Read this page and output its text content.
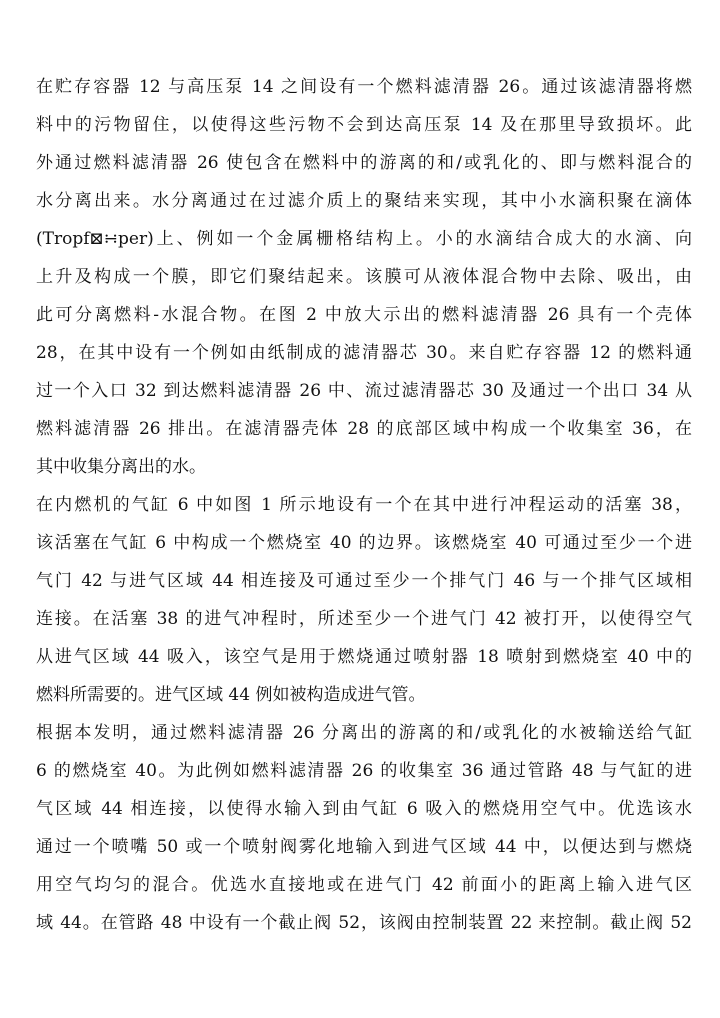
在贮存容器 12 与高压泵 14 之间设有一个燃料滤清器 26。通过该滤清器将燃
料中的污物留住，以使得这些污物不会到达高压泵 14 及在那里导致损坏。此
外通过燃料滤清器 26 使包含在燃料中的游离的和/或乳化的、即与燃料混合的
水分离出来。水分离通过在过滤介质上的聚结来实现，其中小水滴积聚在滴体
(Tropf⊠∺per)上、例如一个金属栅格结构上。小的水滴结合成大的水滴、向
上升及构成一个膜，即它们聚结起来。该膜可从液体混合物中去除、吸出，由
此可分离燃料-水混合物。在图 2 中放大示出的燃料滤清器 26 具有一个壳体
28，在其中设有一个例如由纸制成的滤清器芯 30。来自贮存容器 12 的燃料通
过一个入口 32 到达燃料滤清器 26 中、流过滤清器芯 30 及通过一个出口 34 从
燃料滤清器 26 排出。在滤清器壳体 28 的底部区域中构成一个收集室 36，在
其中收集分离出的水。
在内燃机的气缸 6 中如图 1 所示地设有一个在其中进行冲程运动的活塞 38，
该活塞在气缸 6 中构成一个燃烧室 40 的边界。该燃烧室 40 可通过至少一个进
气门 42 与进气区域 44 相连接及可通过至少一个排气门 46 与一个排气区域相
连接。在活塞 38 的进气冲程时，所述至少一个进气门 42 被打开，以使得空气
从进气区域 44 吸入，该空气是用于燃烧通过喷射器 18 喷射到燃烧室 40 中的
燃料所需要的。进气区域 44 例如被构造成进气管。
根据本发明，通过燃料滤清器 26 分离出的游离的和/或乳化的水被输送给气缸
6 的燃烧室 40。为此例如燃料滤清器 26 的收集室 36 通过管路 48 与气缸的进
气区域 44 相连接，以使得水输入到由气缸 6 吸入的燃烧用空气中。优选该水
通过一个喷嘴 50 或一个喷射阀雾化地输入到进气区域 44 中，以便达到与燃烧
用空气均匀的混合。优选水直接地或在进气门 42 前面小的距离上输入进气区
域 44。在管路 48 中设有一个截止阀 52，该阀由控制装置 22 来控制。截止阀 52
